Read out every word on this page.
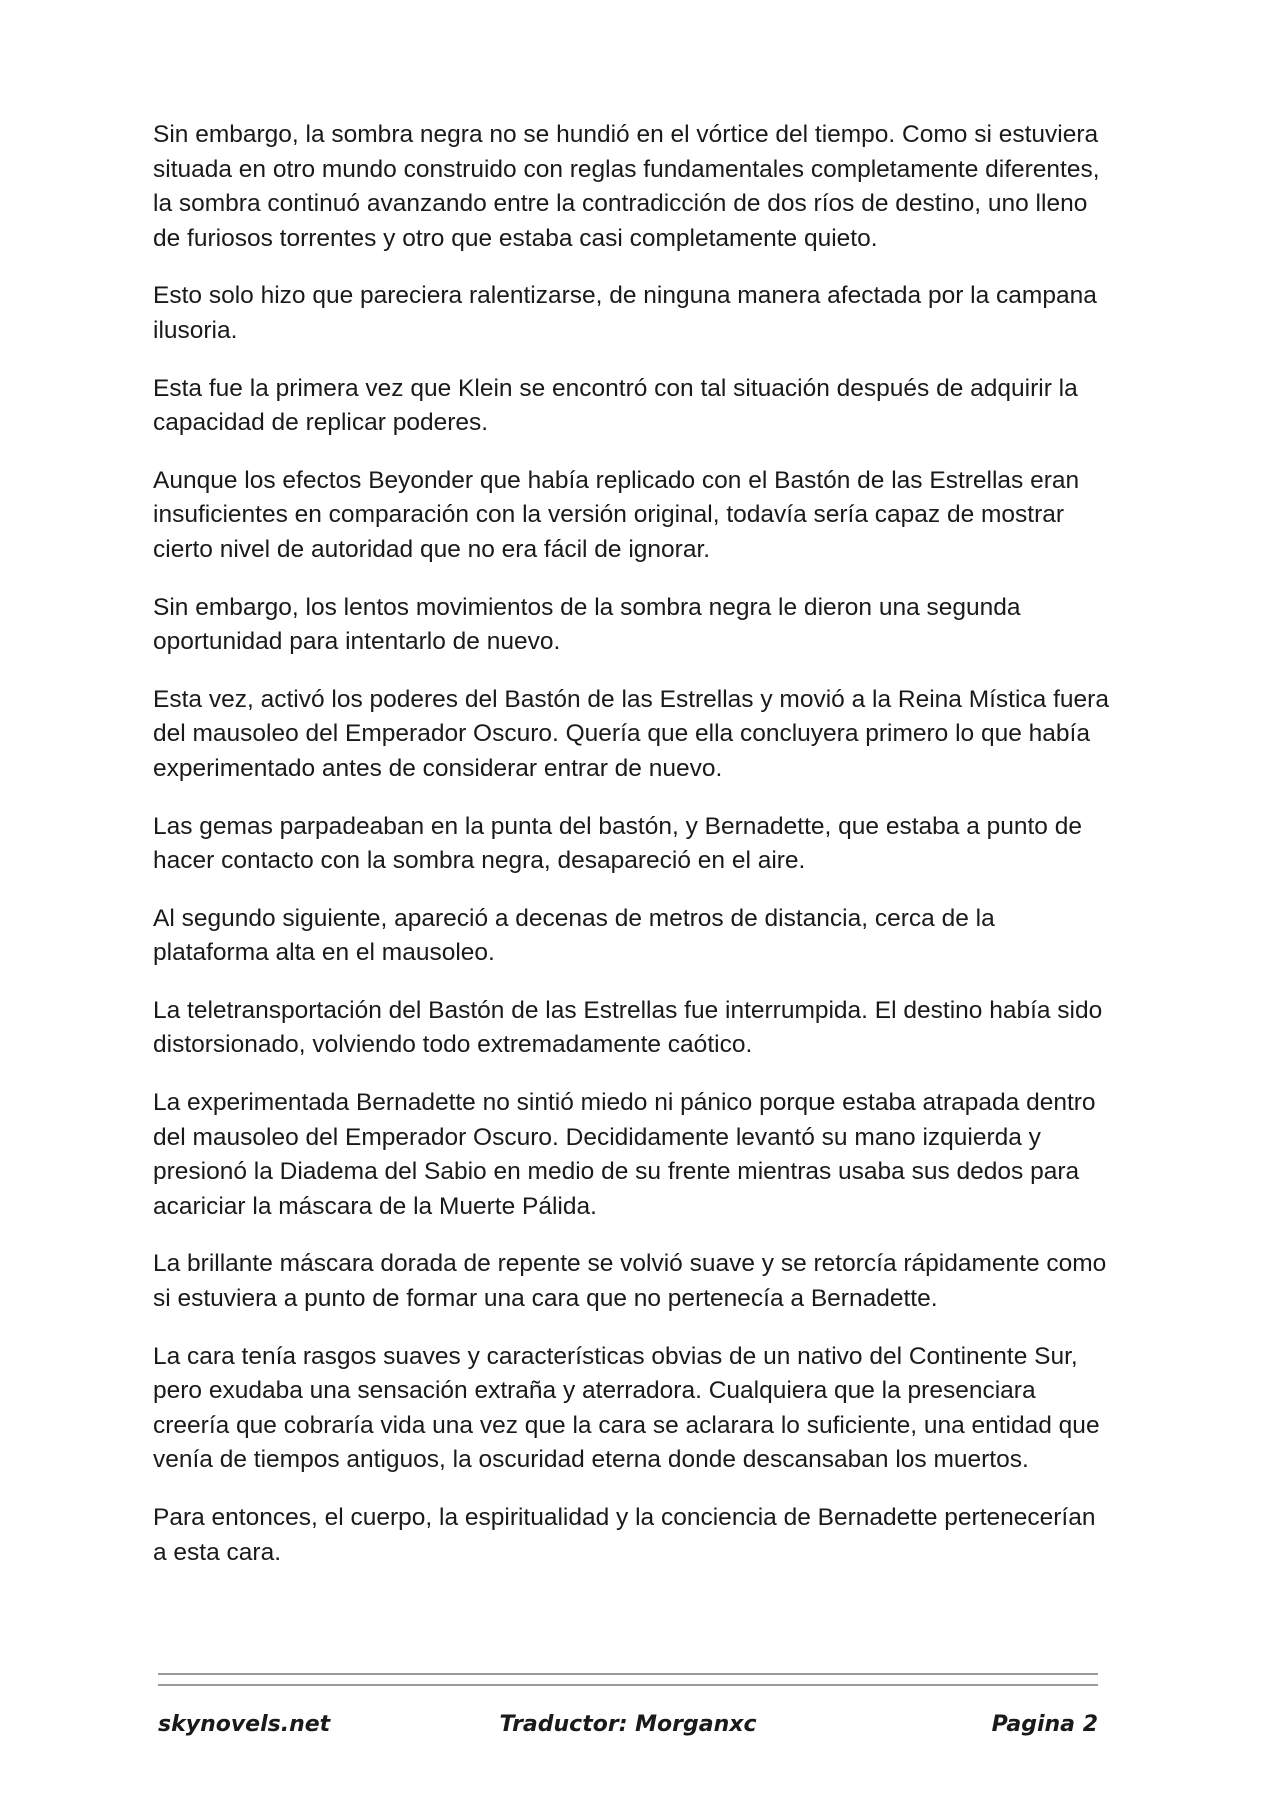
Sin embargo, la sombra negra no se hundió en el vórtice del tiempo. Como si estuviera situada en otro mundo construido con reglas fundamentales completamente diferentes, la sombra continuó avanzando entre la contradicción de dos ríos de destino, uno lleno de furiosos torrentes y otro que estaba casi completamente quieto.

Esto solo hizo que pareciera ralentizarse, de ninguna manera afectada por la campana ilusoria.

Esta fue la primera vez que Klein se encontró con tal situación después de adquirir la capacidad de replicar poderes.

Aunque los efectos Beyonder que había replicado con el Bastón de las Estrellas eran insuficientes en comparación con la versión original, todavía sería capaz de mostrar cierto nivel de autoridad que no era fácil de ignorar.

Sin embargo, los lentos movimientos de la sombra negra le dieron una segunda oportunidad para intentarlo de nuevo.

Esta vez, activó los poderes del Bastón de las Estrellas y movió a la Reina Mística fuera del mausoleo del Emperador Oscuro. Quería que ella concluyera primero lo que había experimentado antes de considerar entrar de nuevo.

Las gemas parpadeaban en la punta del bastón, y Bernadette, que estaba a punto de hacer contacto con la sombra negra, desapareció en el aire.

Al segundo siguiente, apareció a decenas de metros de distancia, cerca de la plataforma alta en el mausoleo.

La teletransportación del Bastón de las Estrellas fue interrumpida. El destino había sido distorsionado, volviendo todo extremadamente caótico.

La experimentada Bernadette no sintió miedo ni pánico porque estaba atrapada dentro del mausoleo del Emperador Oscuro. Decididamente levantó su mano izquierda y presionó la Diadema del Sabio en medio de su frente mientras usaba sus dedos para acariciar la máscara de la Muerte Pálida.

La brillante máscara dorada de repente se volvió suave y se retorcía rápidamente como si estuviera a punto de formar una cara que no pertenecía a Bernadette.

La cara tenía rasgos suaves y características obvias de un nativo del Continente Sur, pero exudaba una sensación extraña y aterradora. Cualquiera que la presenciara creería que cobraría vida una vez que la cara se aclarara lo suficiente, una entidad que venía de tiempos antiguos, la oscuridad eterna donde descansaban los muertos.

Para entonces, el cuerpo, la espiritualidad y la conciencia de Bernadette pertenecerían a esta cara.

skynovels.net	Traductor: Morganxc	Pagina 2
